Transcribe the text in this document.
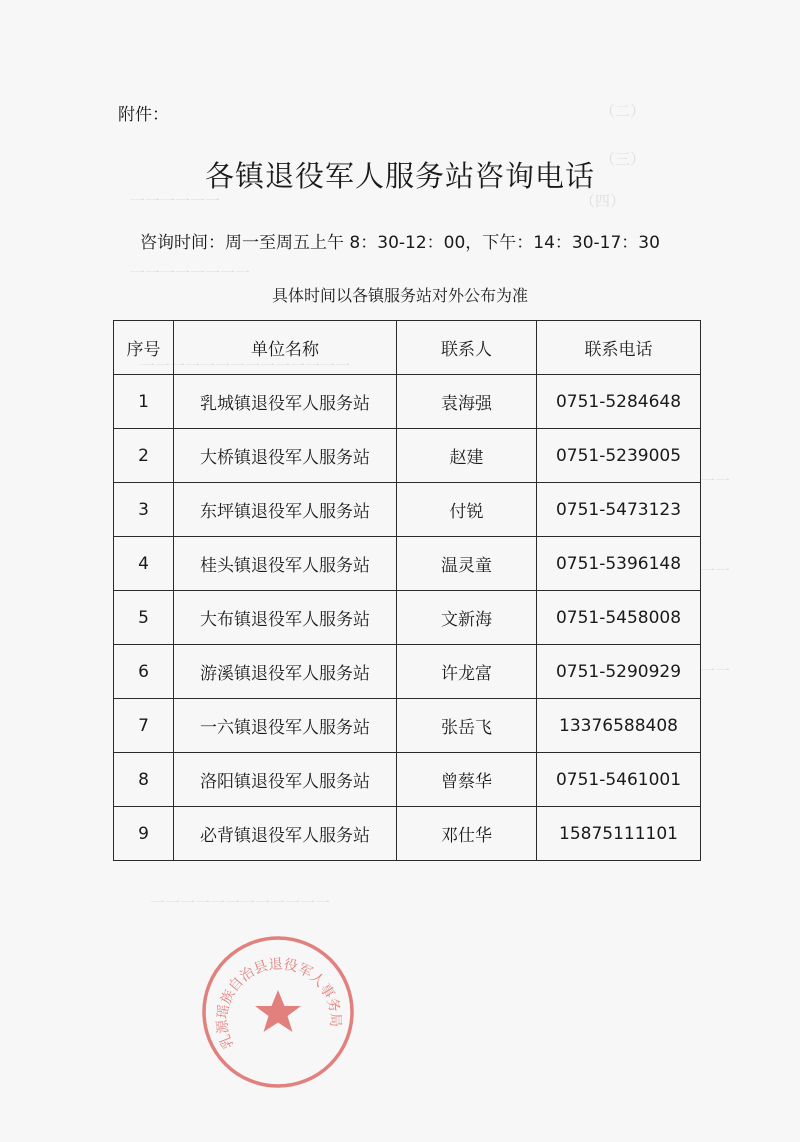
（二）
（三）
（四）
一一一一一一
一一一一一一一一
一一一一一一一一一一一一一一
一一
一一
一一
一一一一一一一一一一一一
附件：
各镇退役军人服务站咨询电话
咨询时间：周一至周五上午 8：30-12：00，下午：14：30-17：30
具体时间以各镇服务站对外公布为准
序号	单位名称	联系人	联系电话
1	乳城镇退役军人服务站	袁海强	0751-5284648
2	大桥镇退役军人服务站	赵建	0751-5239005
3	东坪镇退役军人服务站	付锐	0751-5473123
4	桂头镇退役军人服务站	温灵童	0751-5396148
5	大布镇退役军人服务站	文新海	0751-5458008
6	游溪镇退役军人服务站	许龙富	0751-5290929
7	一六镇退役军人服务站	张岳飞	13376588408
8	洛阳镇退役军人服务站	曾蔡华	0751-5461001
9	必背镇退役军人服务站	邓仕华	15875111101
乳源瑶族自治县退役军人事务局
